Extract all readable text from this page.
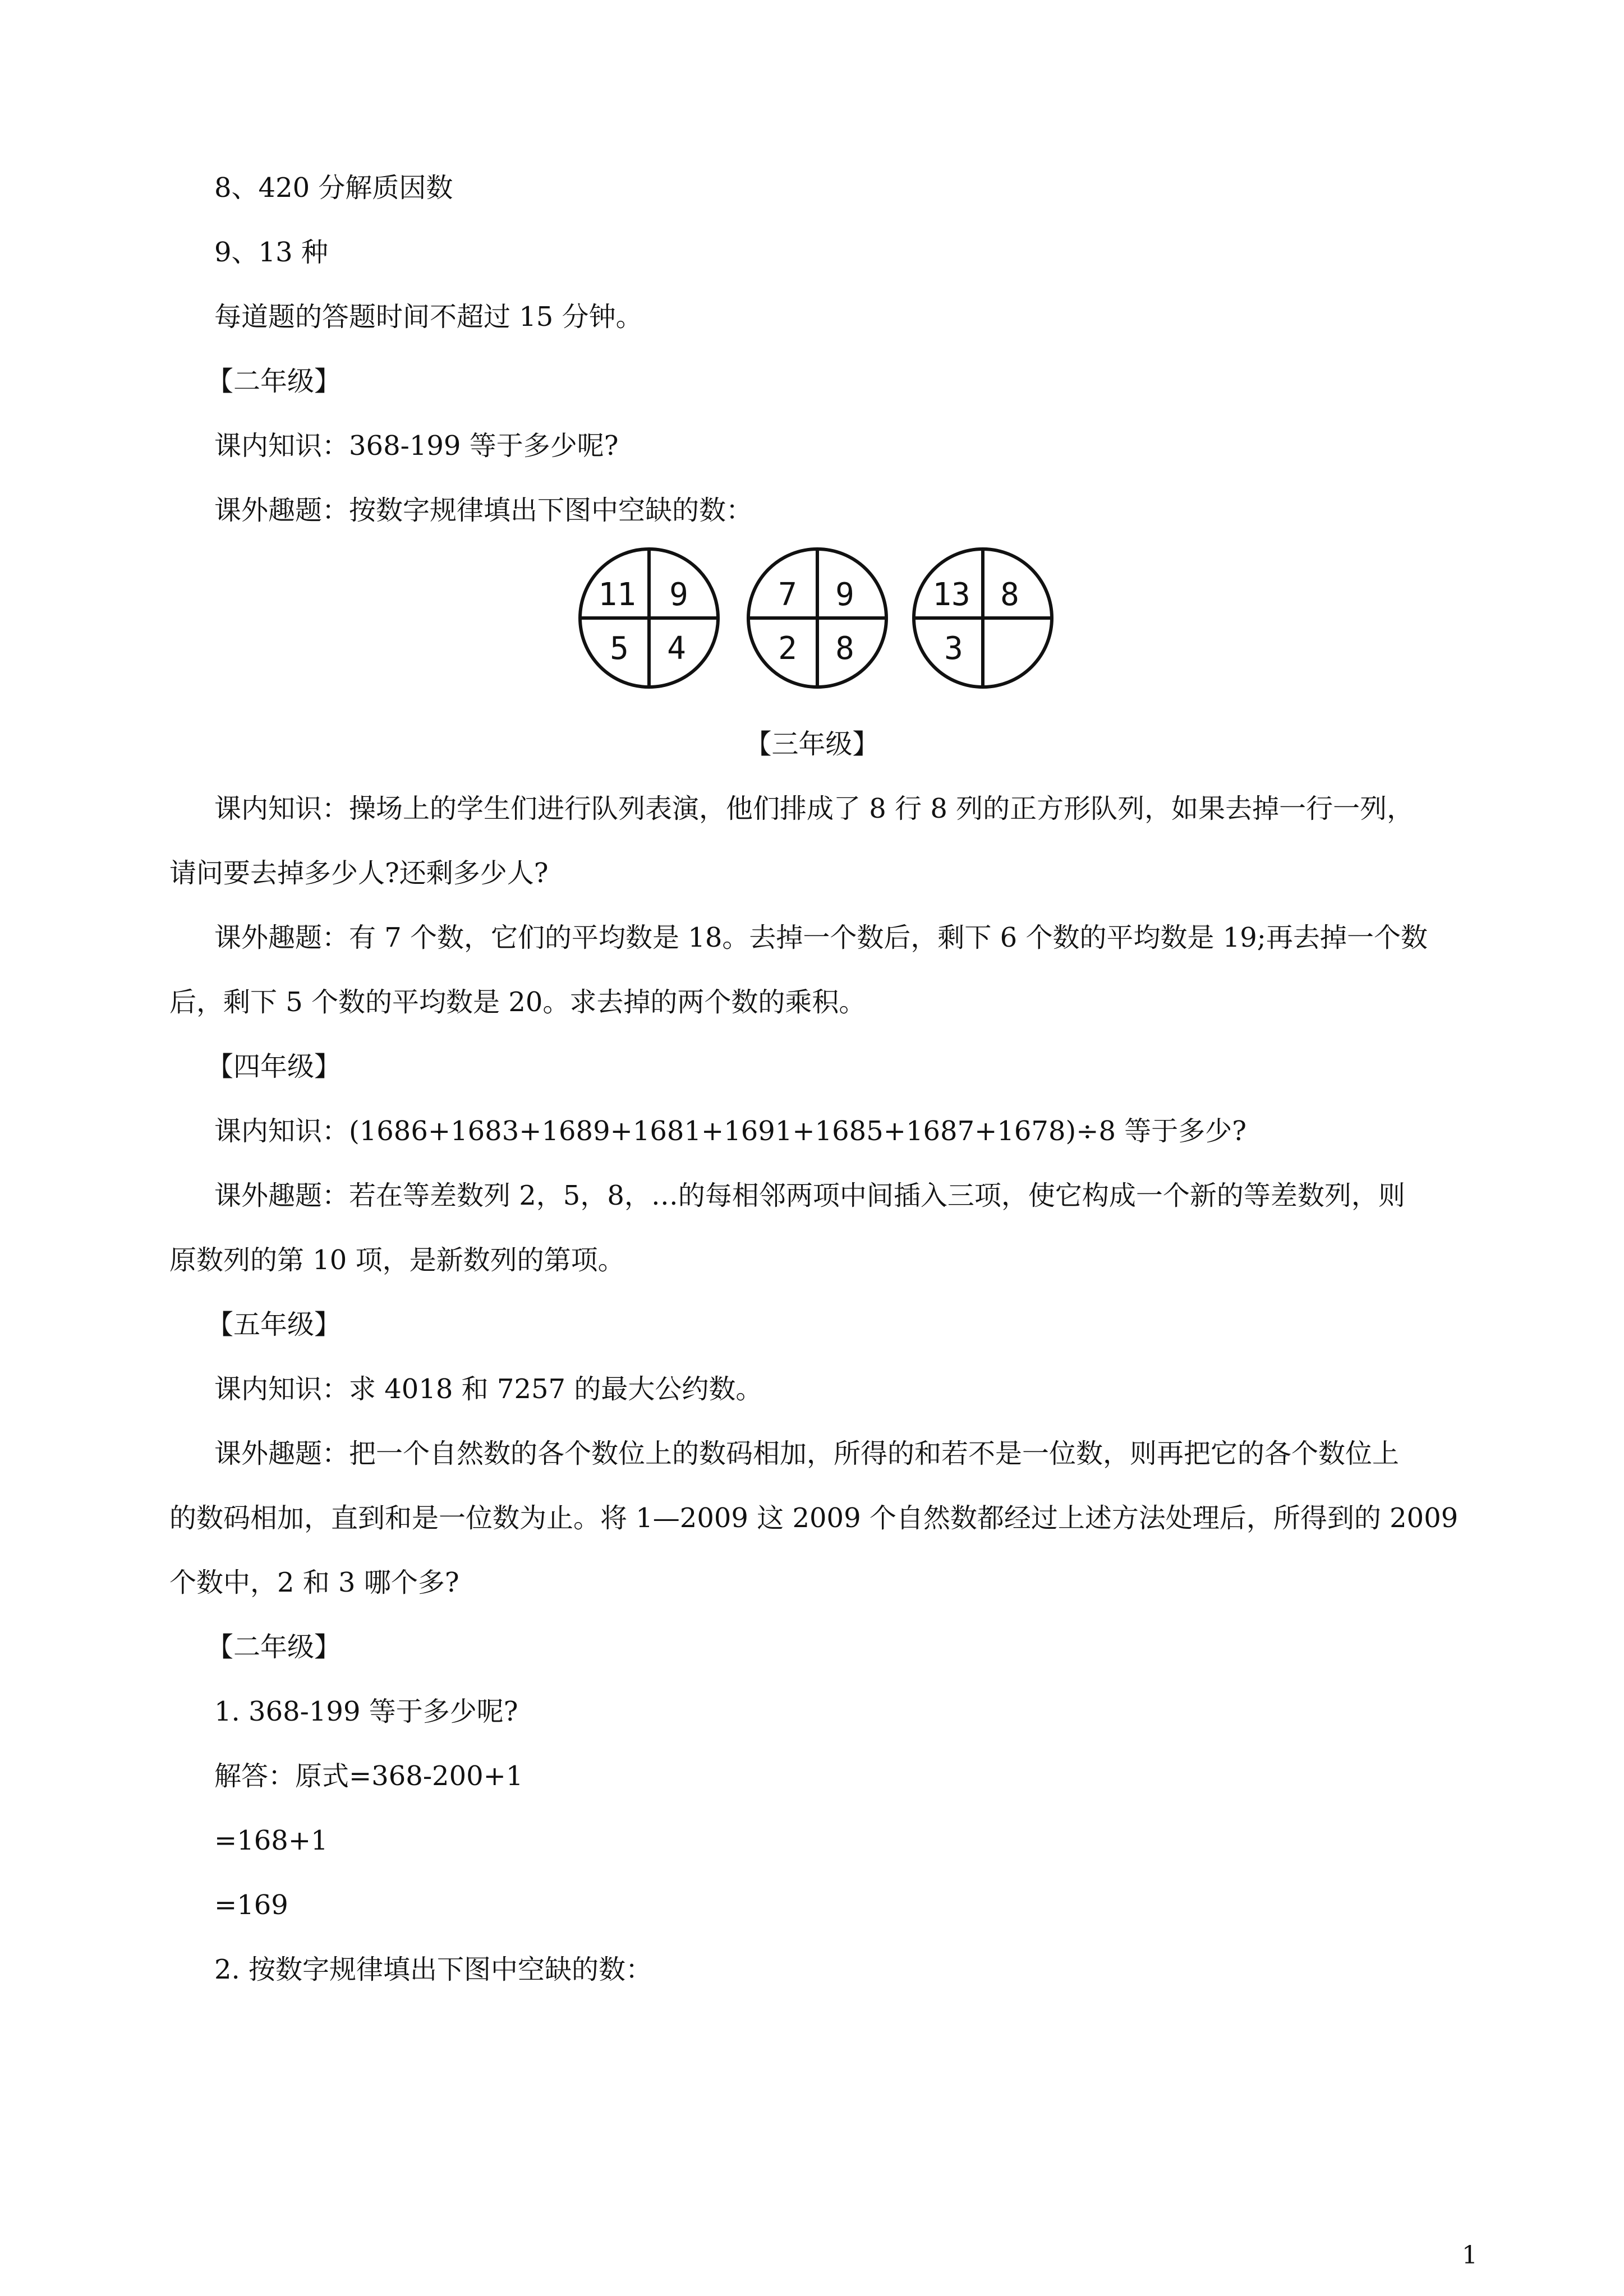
8、420 分解质因数
9、13 种
每道题的答题时间不超过 15 分钟。
【二年级】
课内知识：368-199 等于多少呢?
课外趣题：按数字规律填出下图中空缺的数：
11 9
5 4
7 9
2 8
13 8
3
【三年级】
课内知识：操场上的学生们进行队列表演，他们排成了 8 行 8 列的正方形队列，如果去掉一行一列，
请问要去掉多少人?还剩多少人?
课外趣题：有 7 个数，它们的平均数是 18。去掉一个数后，剩下 6 个数的平均数是 19;再去掉一个数
后，剩下 5 个数的平均数是 20。求去掉的两个数的乘积。
【四年级】
课内知识：(1686+1683+1689+1681+1691+1685+1687+1678)÷8 等于多少?
课外趣题：若在等差数列 2，5，8，…的每相邻两项中间插入三项，使它构成一个新的等差数列，则
原数列的第 10 项，是新数列的第项。
【五年级】
课内知识：求 4018 和 7257 的最大公约数。
课外趣题：把一个自然数的各个数位上的数码相加，所得的和若不是一位数，则再把它的各个数位上
的数码相加，直到和是一位数为止。将 1—2009 这 2009 个自然数都经过上述方法处理后，所得到的 2009
个数中，2 和 3 哪个多?
【二年级】
1. 368-199 等于多少呢?
解答：原式=368-200+1
=168+1
=169
2. 按数字规律填出下图中空缺的数：
1
